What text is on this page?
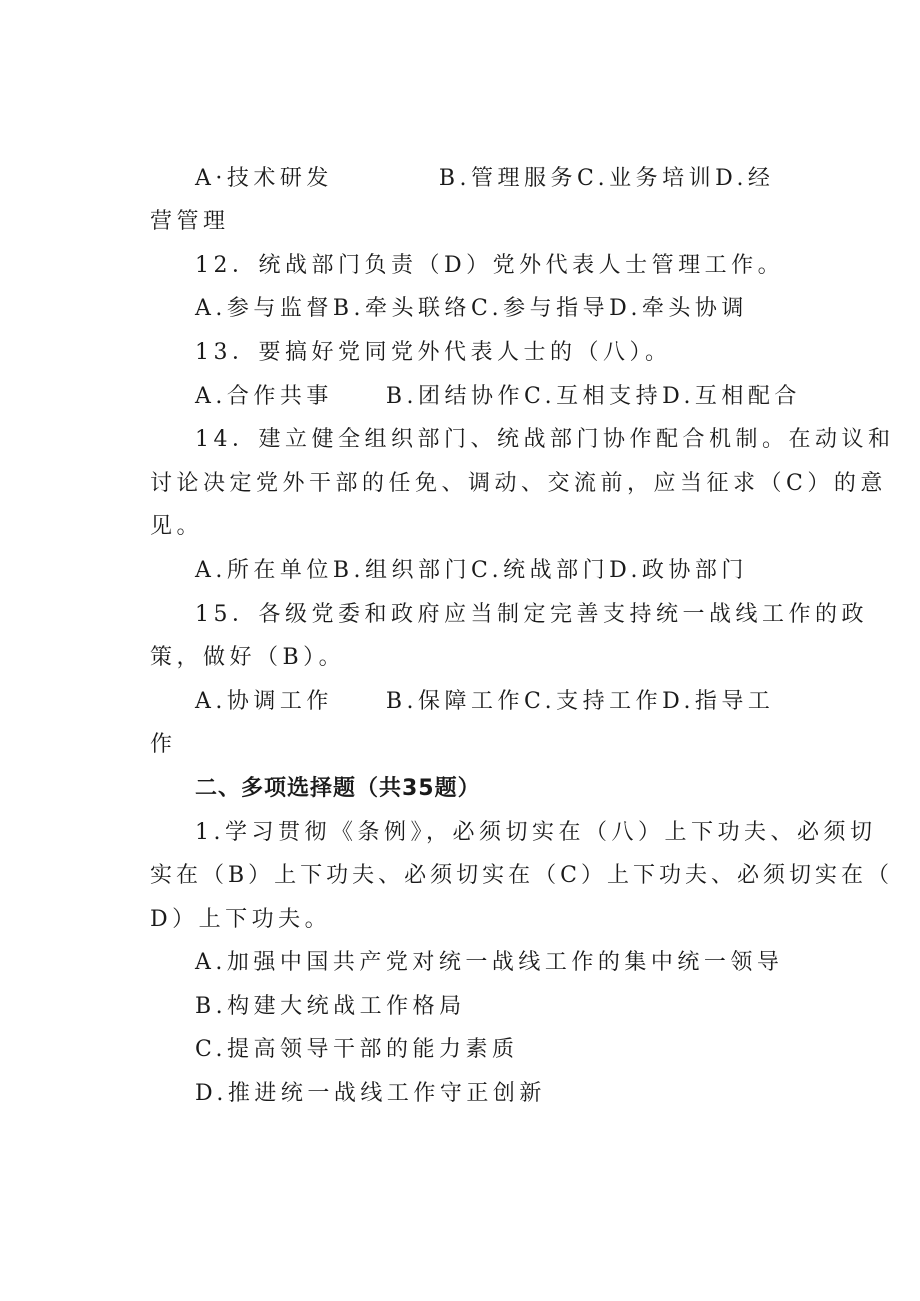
A·技术研发　　　　B.管理服务C.业务培训D.经
营管理
12．统战部门负责（D）党外代表人士管理工作。
A.参与监督B.牵头联络C.参与指导D.牵头协调
13．要搞好党同党外代表人士的（八）。
A.合作共事　　B.团结协作C.互相支持D.互相配合
14．建立健全组织部门、统战部门协作配合机制。在动议和
讨论决定党外干部的任免、调动、交流前，应当征求（C）的意
见。
A.所在单位B.组织部门C.统战部门D.政协部门
15．各级党委和政府应当制定完善支持统一战线工作的政
策，做好（B）。
A.协调工作　　B.保障工作C.支持工作D.指导工
作
二、多项选择题（共35题）
1.学习贯彻《条例》，必须切实在（八）上下功夫、必须切
实在（B）上下功夫、必须切实在（C）上下功夫、必须切实在（
D）上下功夫。
A.加强中国共产党对统一战线工作的集中统一领导
B.构建大统战工作格局
C.提高领导干部的能力素质
D.推进统一战线工作守正创新
